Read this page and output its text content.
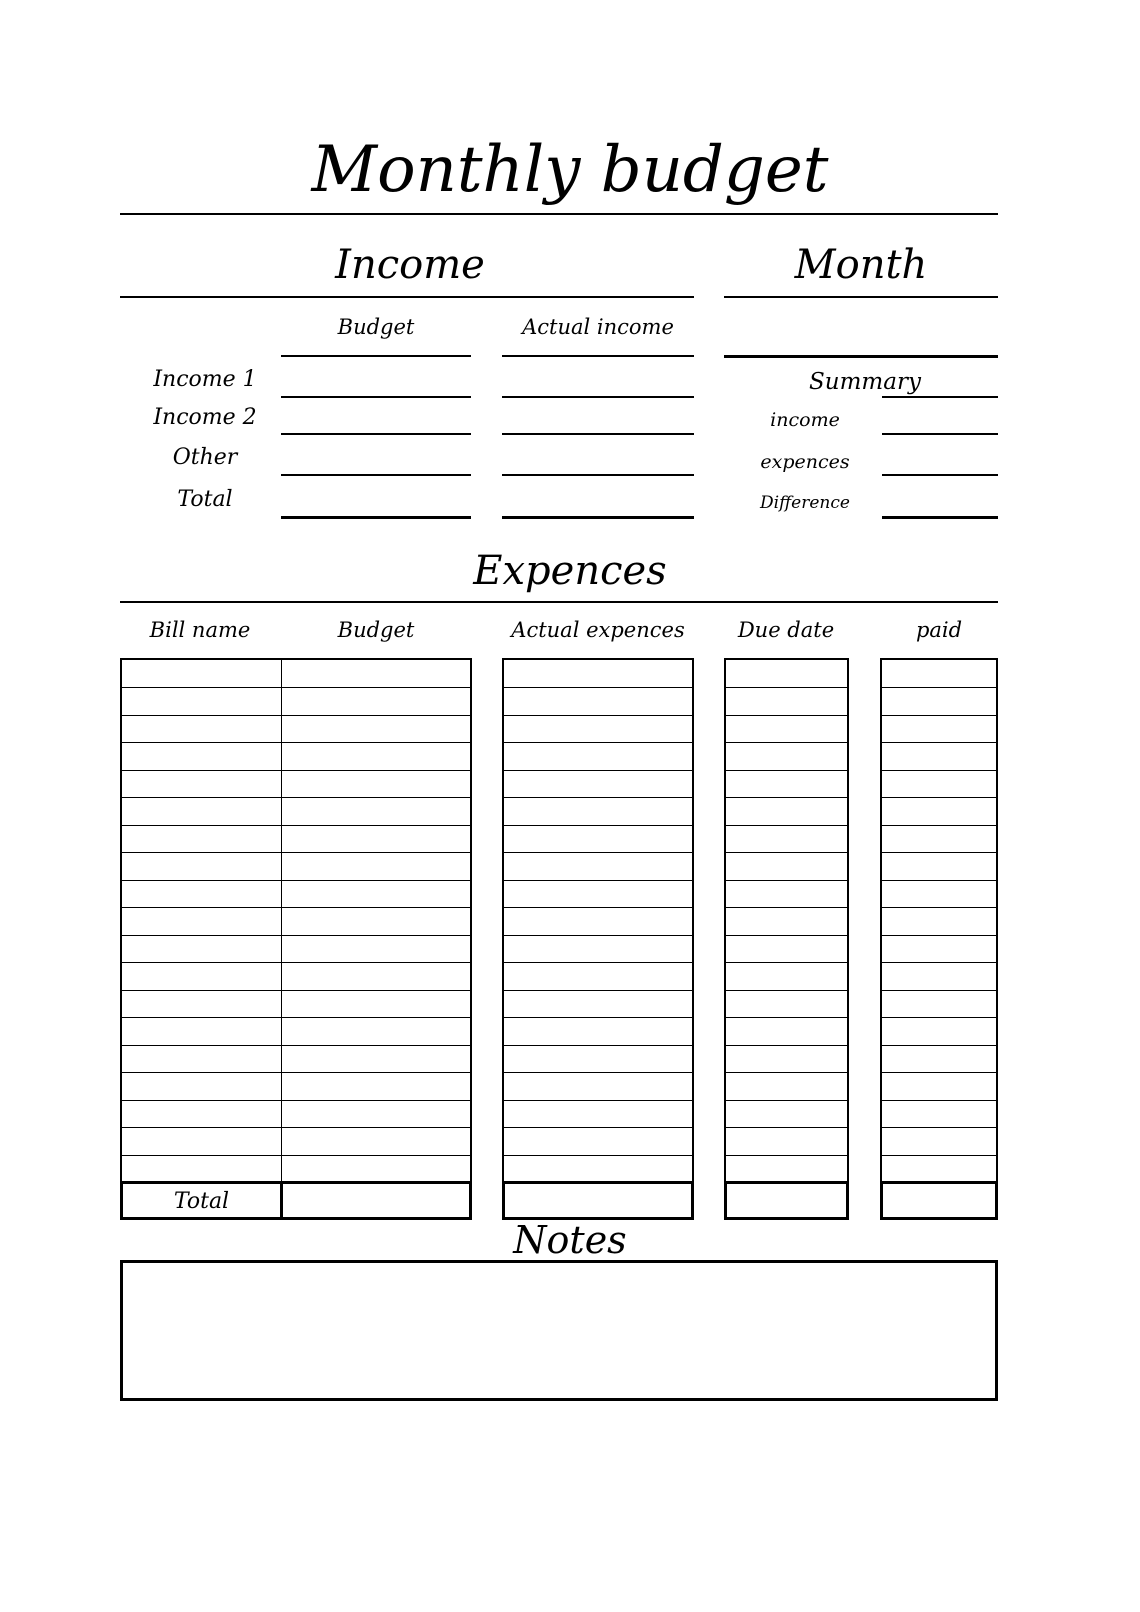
Monthly budget
Income	Month
Budget	Actual income
Income 1
Income 2
Other
Total
Summary
income
expences
Difference
Expences
Bill name	Budget	Actual expences	Due date	paid
Total
Notes
